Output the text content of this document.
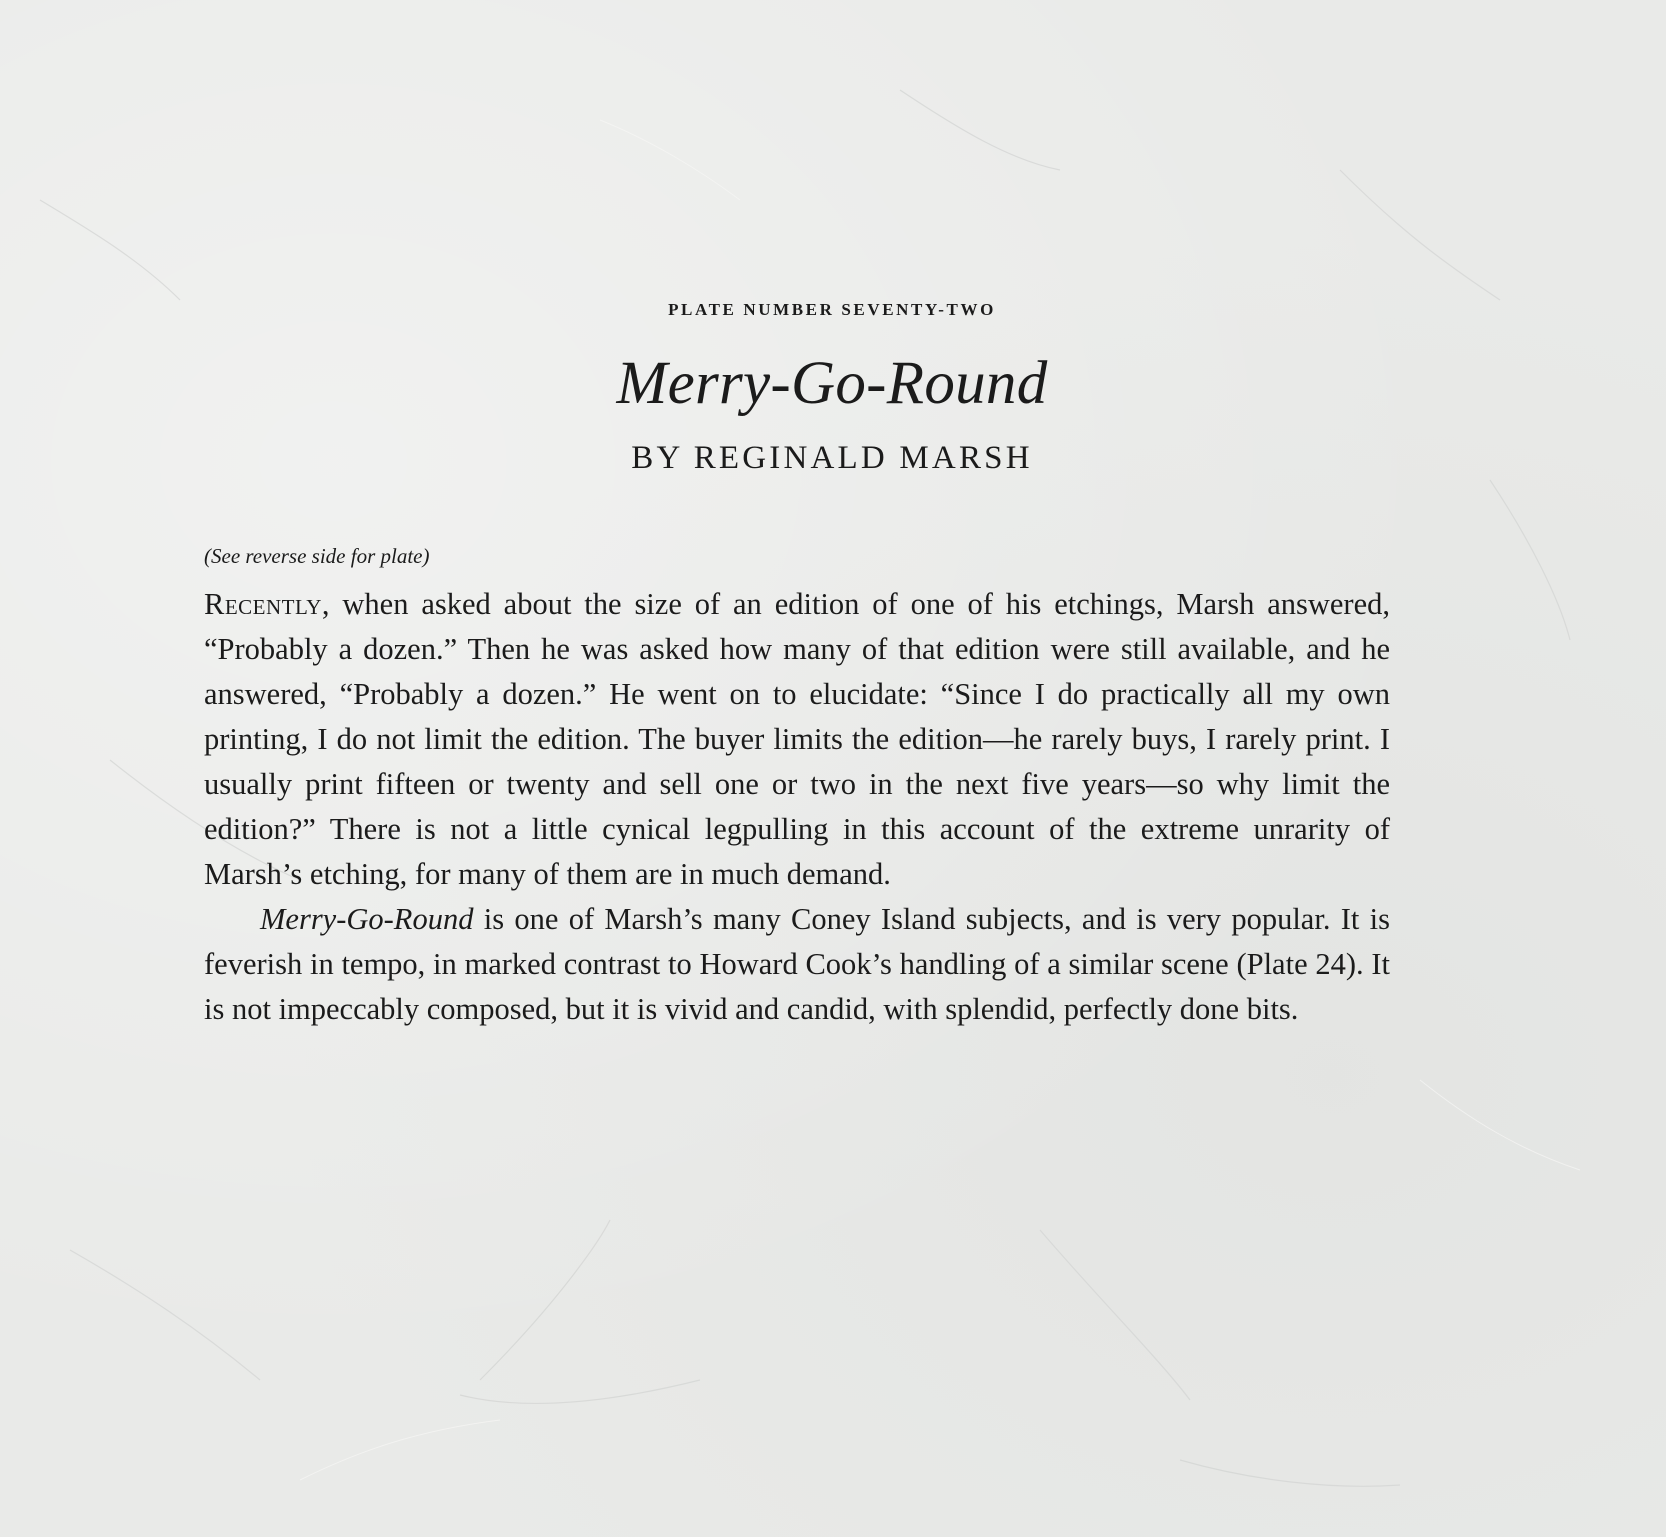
PLATE NUMBER SEVENTY-TWO
Merry-Go-Round
BY REGINALD MARSH
(See reverse side for plate)

Recently, when asked about the size of an edition of one of his etchings, Marsh answered, “Probably a dozen.” Then he was asked how many of that edition were still available, and he answered, “Probably a dozen.” He went on to elucidate: “Since I do practically all my own printing, I do not limit the edition. The buyer limits the edition—he rarely buys, I rarely print. I usually print fifteen or twenty and sell one or two in the next five years—so why limit the edition?” There is not a little cynical legpulling in this account of the extreme unrarity of Marsh’s etching, for many of them are in much demand.

Merry-Go-Round is one of Marsh’s many Coney Island subjects, and is very popular. It is feverish in tempo, in marked contrast to Howard Cook’s handling of a similar scene (Plate 24). It is not impeccably composed, but it is vivid and candid, with splendid, perfectly done bits.
